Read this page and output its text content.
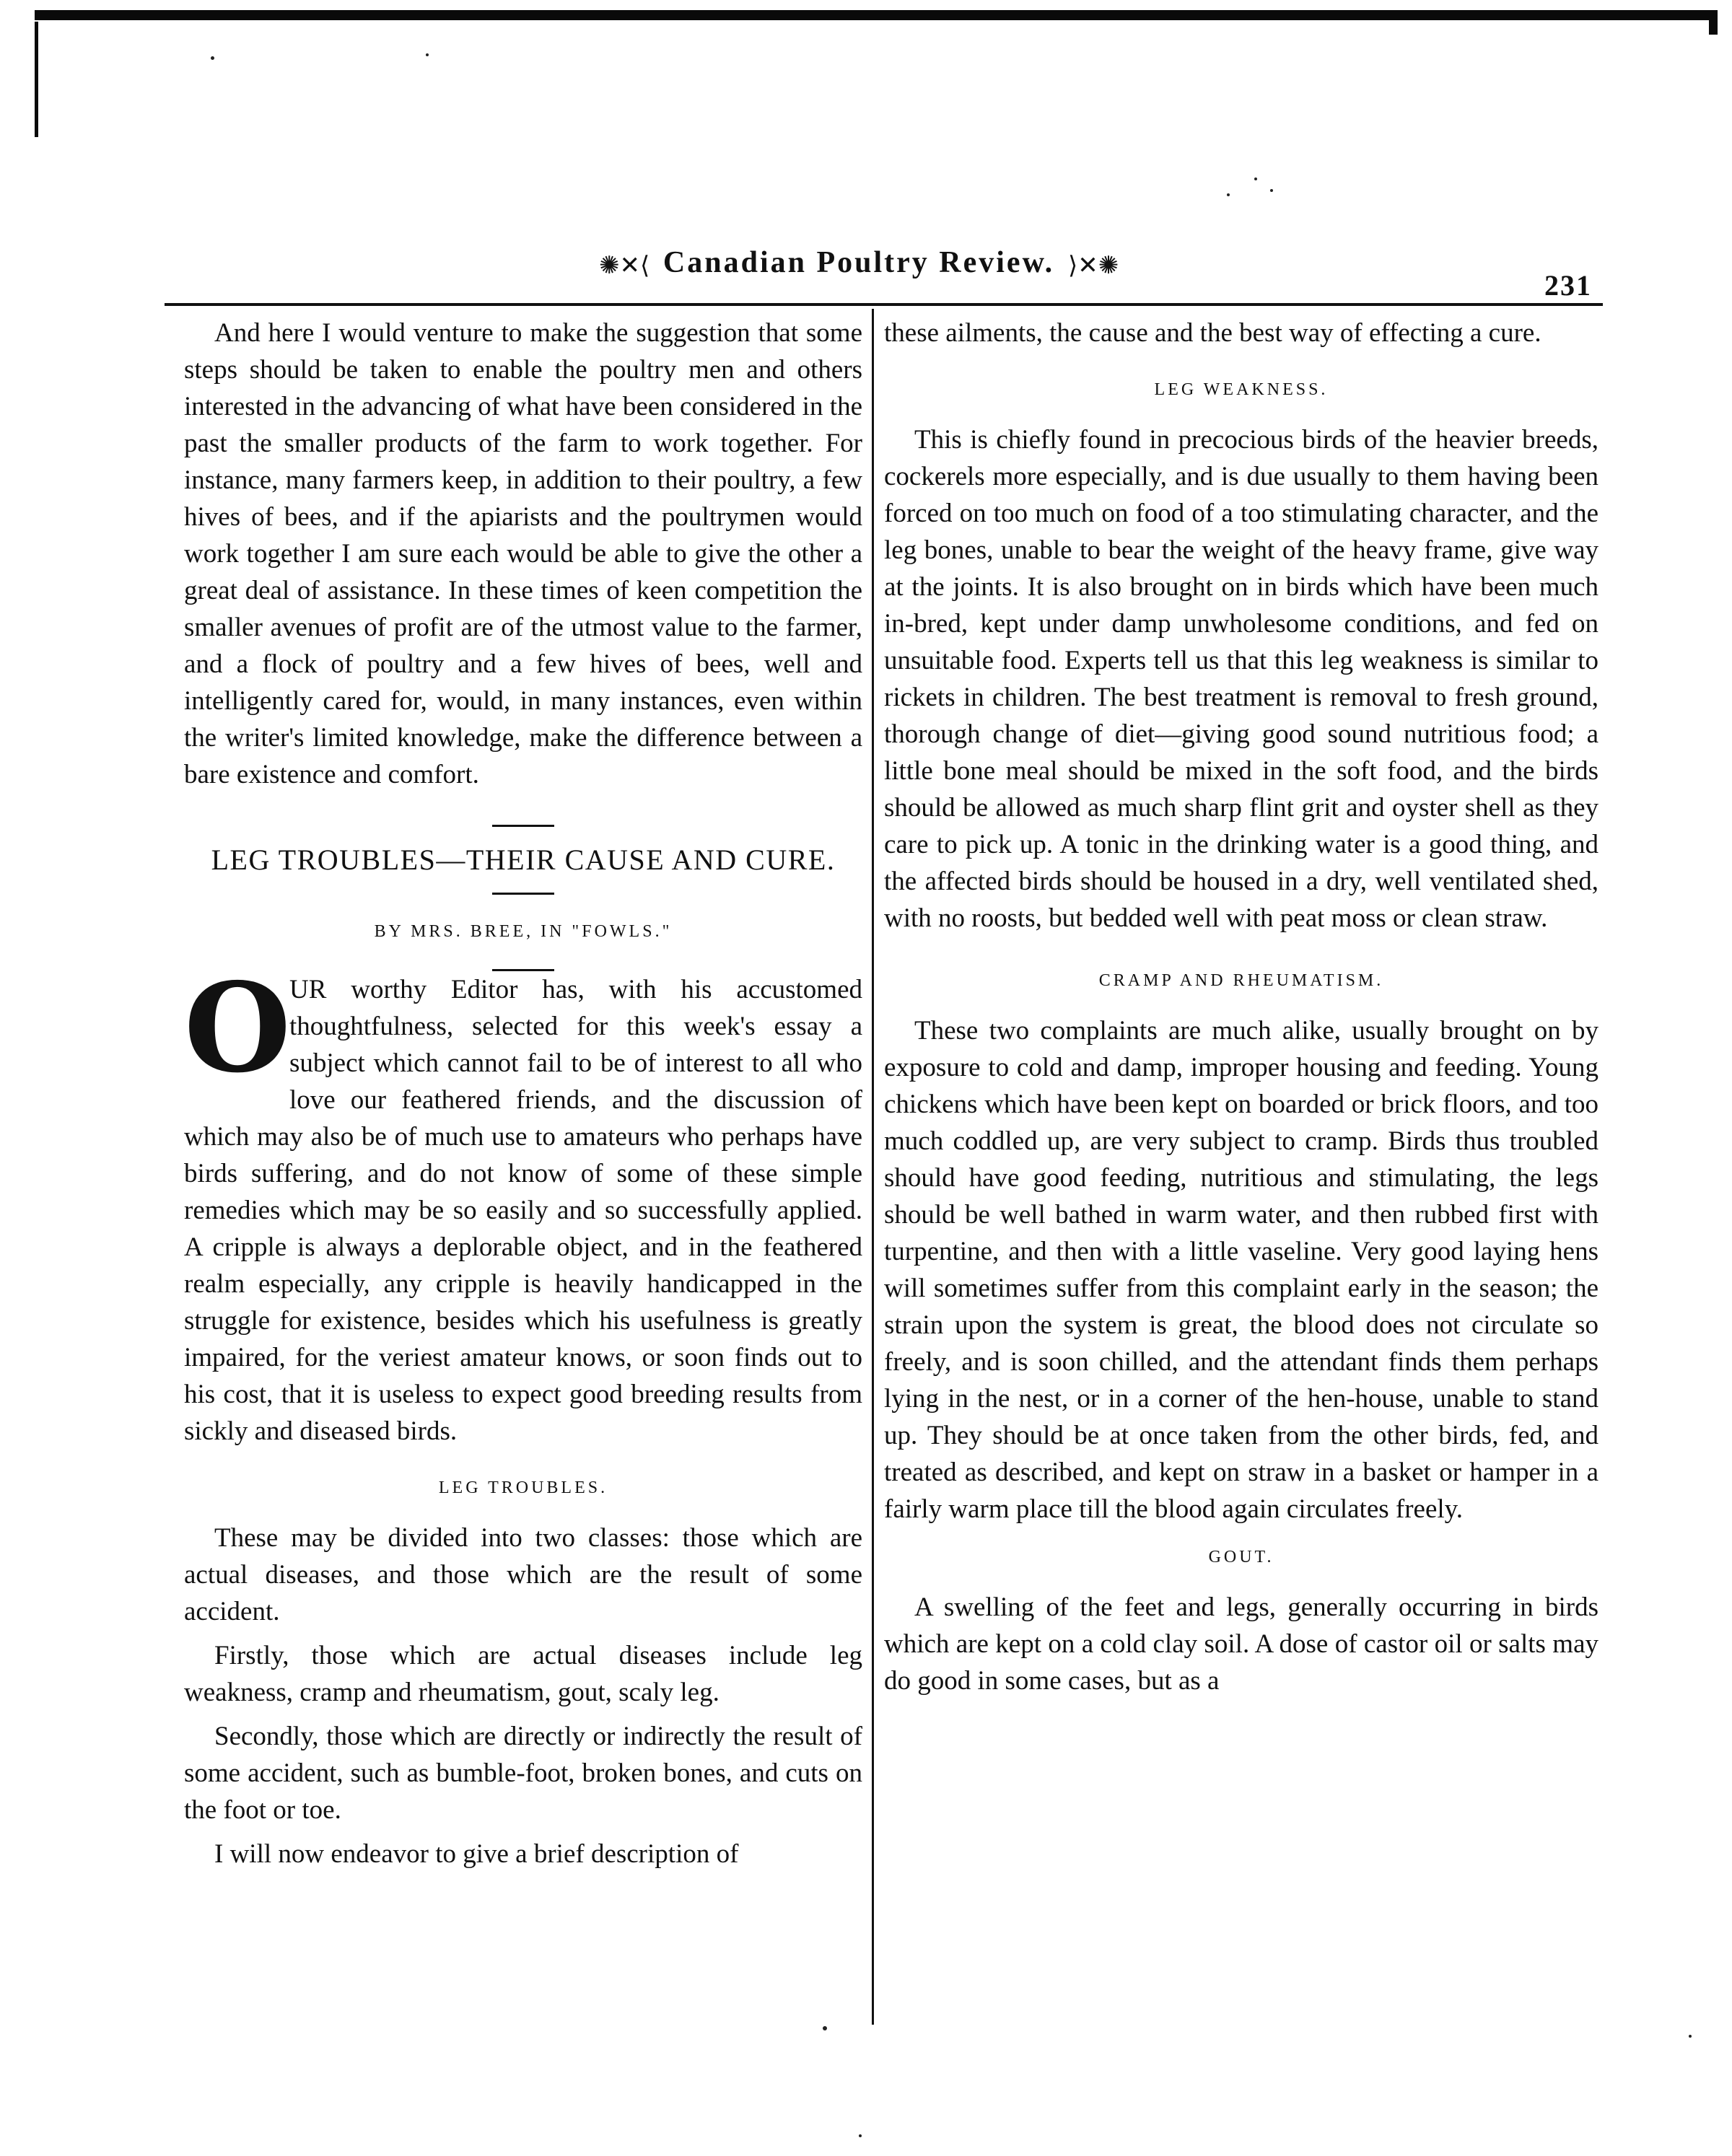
✺✕⟨ Canadian Poultry Review. ⟩✕✺
231

And here I would venture to make the suggestion that some steps should be taken to enable the poultry men and others interested in the advancing of what have been considered in the past the smaller products of the farm to work together. For instance, many farmers keep, in addition to their poultry, a few hives of bees, and if the apiarists and the poultrymen would work together I am sure each would be able to give the other a great deal of assistance. In these times of keen competition the smaller avenues of profit are of the utmost value to the farmer, and a flock of poultry and a few hives of bees, well and intelligently cared for, would, in many instances, even within the writer's limited knowledge, make the difference between a bare existence and comfort.

LEG TROUBLES—THEIR CAUSE AND CURE.
BY MRS. BREE, IN "FOWLS."

O
UR worthy Editor has, with his accustomed thoughtfulness, selected for this week's essay a subject which cannot fail to be of interest to all who love our feathered friends, and the discussion of which may also be of much use to amateurs who perhaps have birds suffering, and do not know of some of these simple remedies which may be so easily and so successfully applied. A cripple is always a deplorable object, and in the feathered realm especially, any cripple is heavily handicapped in the struggle for existence, besides which his usefulness is greatly impaired, for the veriest amateur knows, or soon finds out to his cost, that it is useless to expect good breeding results from sickly and diseased birds.

LEG TROUBLES.

These may be divided into two classes: those which are actual diseases, and those which are the result of some accident.

Firstly, those which are actual diseases include leg weakness, cramp and rheumatism, gout, scaly leg.

Secondly, those which are directly or indirectly the result of some accident, such as bumble-foot, broken bones, and cuts on the foot or toe.

I will now endeavor to give a brief description of

these ailments, the cause and the best way of effecting a cure.

LEG WEAKNESS.

This is chiefly found in precocious birds of the heavier breeds, cockerels more especially, and is due usually to them having been forced on too much on food of a too stimulating character, and the leg bones, unable to bear the weight of the heavy frame, give way at the joints. It is also brought on in birds which have been much in-bred, kept under damp unwholesome conditions, and fed on unsuitable food. Experts tell us that this leg weakness is similar to rickets in children. The best treatment is removal to fresh ground, thorough change of diet—giving good sound nutritious food; a little bone meal should be mixed in the soft food, and the birds should be allowed as much sharp flint grit and oyster shell as they care to pick up. A tonic in the drinking water is a good thing, and the affected birds should be housed in a dry, well ventilated shed, with no roosts, but bedded well with peat moss or clean straw.

CRAMP AND RHEUMATISM.

These two complaints are much alike, usually brought on by exposure to cold and damp, improper housing and feeding. Young chickens which have been kept on boarded or brick floors, and too much coddled up, are very subject to cramp. Birds thus troubled should have good feeding, nutritious and stimulating, the legs should be well bathed in warm water, and then rubbed first with turpentine, and then with a little vaseline. Very good laying hens will sometimes suffer from this complaint early in the season; the strain upon the system is great, the blood does not circulate so freely, and is soon chilled, and the attendant finds them perhaps lying in the nest, or in a corner of the hen-house, unable to stand up. They should be at once taken from the other birds, fed, and treated as described, and kept on straw in a basket or hamper in a fairly warm place till the blood again circulates freely.

GOUT.

A swelling of the feet and legs, generally occurring in birds which are kept on a cold clay soil. A dose of castor oil or salts may do good in some cases, but as a
